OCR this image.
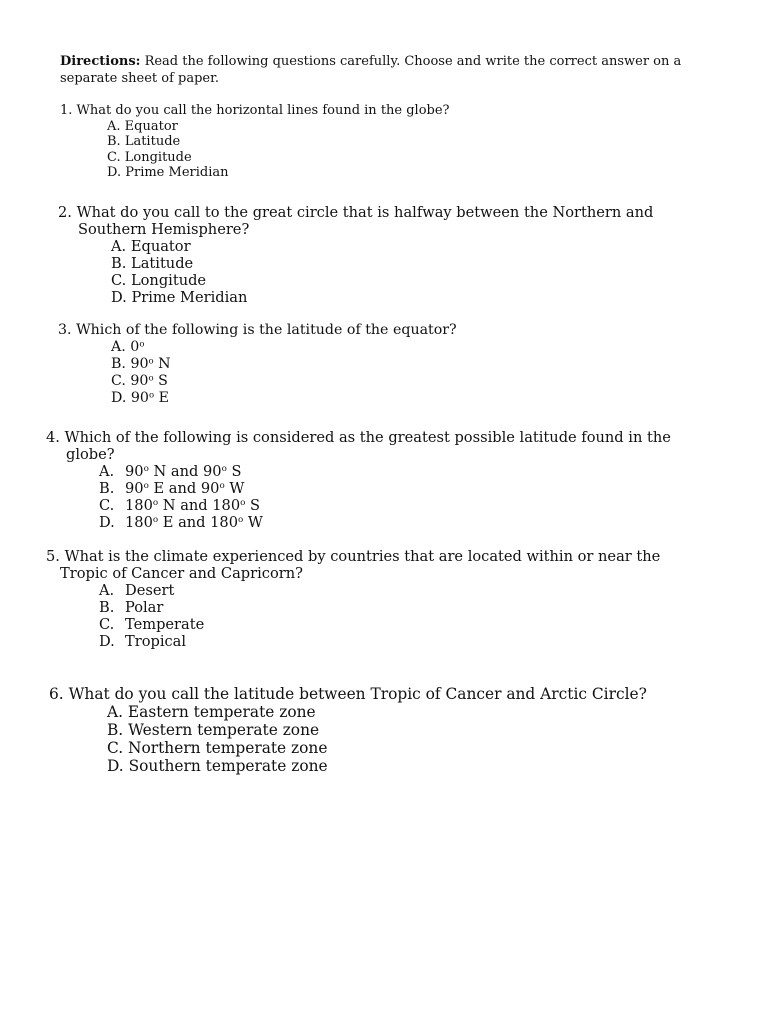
Directions: Read the following questions carefully. Choose and write the correct answer on a separate sheet of paper.

1. What do you call the horizontal lines found in the globe?

A. Equator
B. Latitude
C. Longitude
D. Prime Meridian

2. What do you call to the great circle that is halfway between the Northern and
Southern Hemisphere?

A. Equator
B. Latitude
C. Longitude
D. Prime Meridian

3. Which of the following is the latitude of the equator?

A. 0$^o$
B. 90$^o$ N
C. 90$^o$ S
D. 90$^o$ E

4. Which of the following is considered as the greatest possible latitude found in the
globe?

A. 90$^o$ N and 90$^o$ S
B. 90$^o$ E and 90$^o$ W
C. 180$^o$ N and 180$^o$ S
D. 180$^o$ E and 180$^o$ W

5. What is the climate experienced by countries that are located within or near the
Tropic of Cancer and Capricorn?

A. Desert
B. Polar
C. Temperate
D. Tropical

6. What do you call the latitude between Tropic of Cancer and Arctic Circle?

A. Eastern temperate zone
B. Western temperate zone
C. Northern temperate zone
D. Southern temperate zone
